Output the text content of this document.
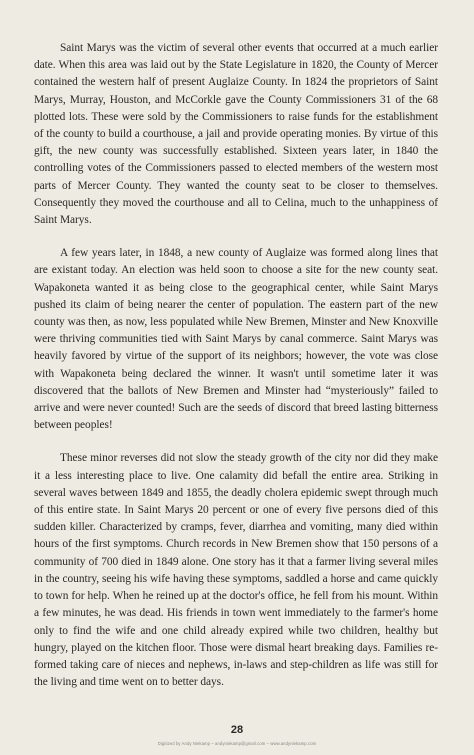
Saint Marys was the victim of several other events that occurred at a much earlier date. When this area was laid out by the State Legislature in 1820, the County of Mercer contained the western half of present Auglaize County. In 1824 the proprietors of Saint Marys, Murray, Houston, and McCorkle gave the County Commissioners 31 of the 68 plotted lots. These were sold by the Commissioners to raise funds for the establishment of the county to build a courthouse, a jail and provide operating monies. By virtue of this gift, the new county was successfully established. Sixteen years later, in 1840 the controlling votes of the Commissioners passed to elected members of the western most parts of Mercer County. They wanted the county seat to be closer to themselves. Consequently they moved the courthouse and all to Celina, much to the unhappiness of Saint Marys.

A few years later, in 1848, a new county of Auglaize was formed along lines that are existant today. An election was held soon to choose a site for the new county seat. Wapakoneta wanted it as being close to the geographical center, while Saint Marys pushed its claim of being nearer the center of population. The eastern part of the new county was then, as now, less populated while New Bremen, Minster and New Knoxville were thriving communities tied with Saint Marys by canal commerce. Saint Marys was heavily favored by virtue of the support of its neighbors; however, the vote was close with Wapakoneta being declared the winner. It wasn't until sometime later it was discovered that the ballots of New Bremen and Minster had “mysteriously” failed to arrive and were never counted! Such are the seeds of discord that breed lasting bitterness between peoples!

These minor reverses did not slow the steady growth of the city nor did they make it a less interesting place to live. One calamity did befall the entire area. Striking in several waves between 1849 and 1855, the deadly cholera epidemic swept through much of this entire state. In Saint Marys 20 percent or one of every five persons died of this sudden killer. Characterized by cramps, fever, diarrhea and vomiting, many died within hours of the first symptoms. Church records in New Bremen show that 150 persons of a community of 700 died in 1849 alone. One story has it that a farmer living several miles in the country, seeing his wife having these symptoms, saddled a horse and came quickly to town for help. When he reined up at the doctor's office, he fell from his mount. Within a few minutes, he was dead. His friends in town went immediately to the farmer's home only to find the wife and one child already expired while two children, healthy but hungry, played on the kitchen floor. Those were dismal heart breaking days. Families re-formed taking care of nieces and nephews, in-laws and step-children as life was still for the living and time went on to better days.

28
Digitized by Andy Niekamp – andyniekamp@gmail.com – www.andyniekamp.com
